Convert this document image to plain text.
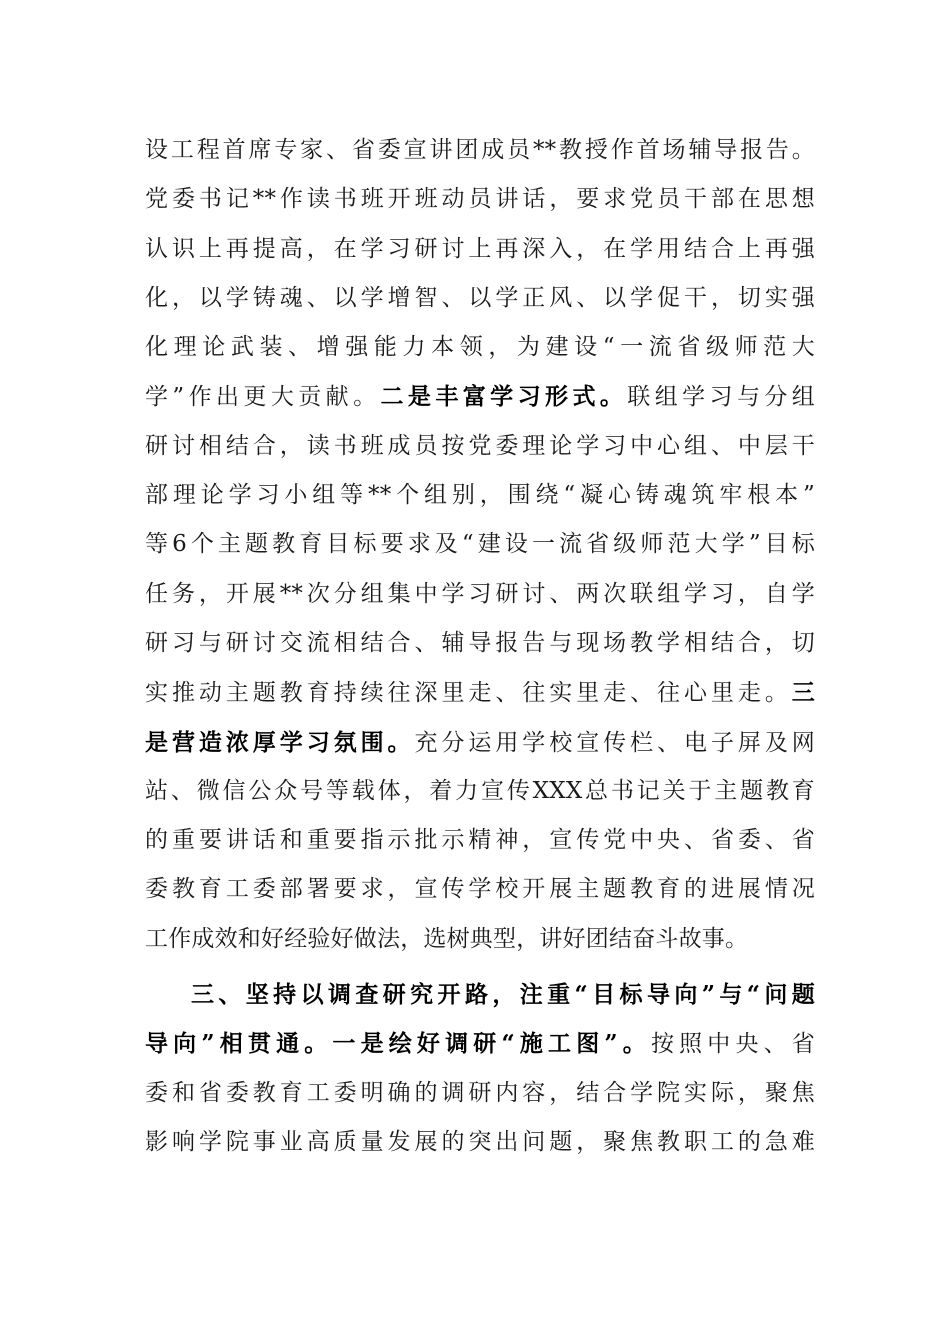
设工程首席专家、省委宣讲团成员**教授作首场辅导报告。
党委书记**作读书班开班动员讲话，要求党员干部在思想
认识上再提高，在学习研讨上再深入，在学用结合上再强
化，以学铸魂、以学增智、以学正风、以学促干，切实强
化理论武装、增强能力本领，为建设“一流省级师范大
学”作出更大贡献。二是丰富学习形式。联组学习与分组
研讨相结合，读书班成员按党委理论学习中心组、中层干
部理论学习小组等**个组别，围绕“凝心铸魂筑牢根本”
等6个主题教育目标要求及“建设一流省级师范大学”目标
任务，开展**次分组集中学习研讨、两次联组学习，自学
研习与研讨交流相结合、辅导报告与现场教学相结合，切
实推动主题教育持续往深里走、往实里走、往心里走。三
是营造浓厚学习氛围。充分运用学校宣传栏、电子屏及网
站、微信公众号等载体，着力宣传XXX总书记关于主题教育
的重要讲话和重要指示批示精神，宣传党中央、省委、省
委教育工委部署要求，宣传学校开展主题教育的进展情况
工作成效和好经验好做法，选树典型，讲好团结奋斗故事。
三、坚持以调查研究开路，注重“目标导向”与“问题
导向”相贯通。一是绘好调研“施工图”。按照中央、省
委和省委教育工委明确的调研内容，结合学院实际，聚焦
影响学院事业高质量发展的突出问题，聚焦教职工的急难
